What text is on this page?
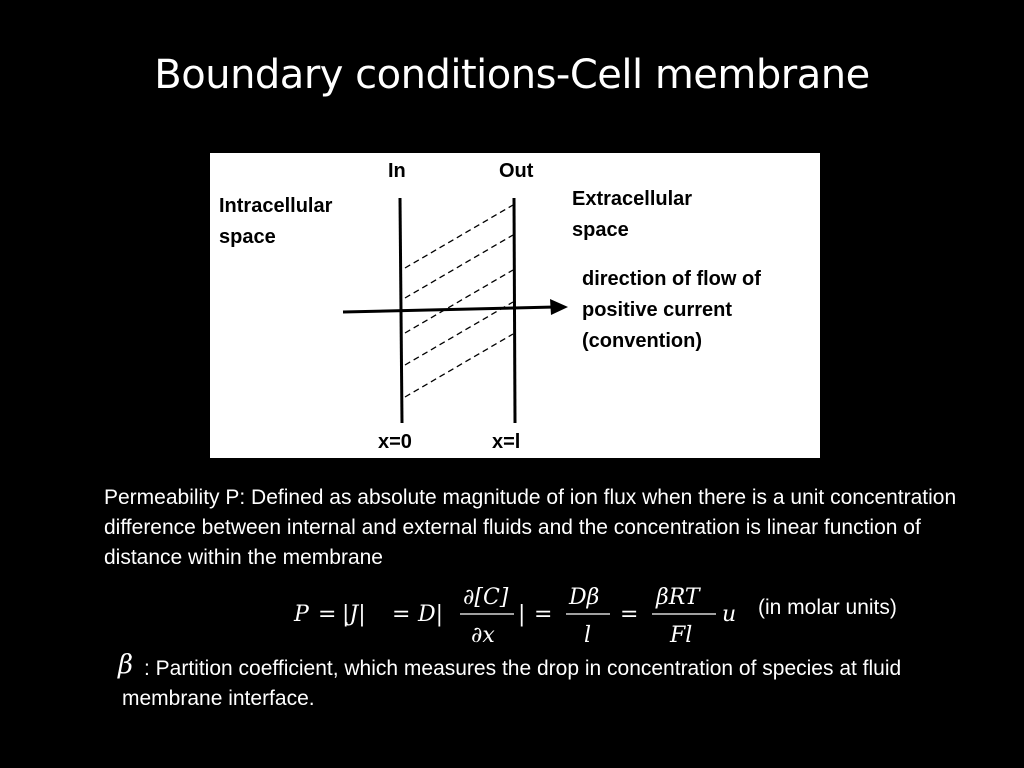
Boundary conditions-Cell membrane
In	Out
Intracellular
space
Extracellular
space
direction of flow of
positive current
(convention)
x=0	x=l
Permeability P: Defined as absolute magnitude of ion flux when there is a unit concentration difference between internal and external fluids and the concentration is linear function of distance within the membrane
P = |J| = D|
∂[C]
∂x
| =
Dβ
l
=
βRT
Fl
u (in molar units)
β : Partition coefficient, which measures the drop in concentration of species at fluid membrane interface.
